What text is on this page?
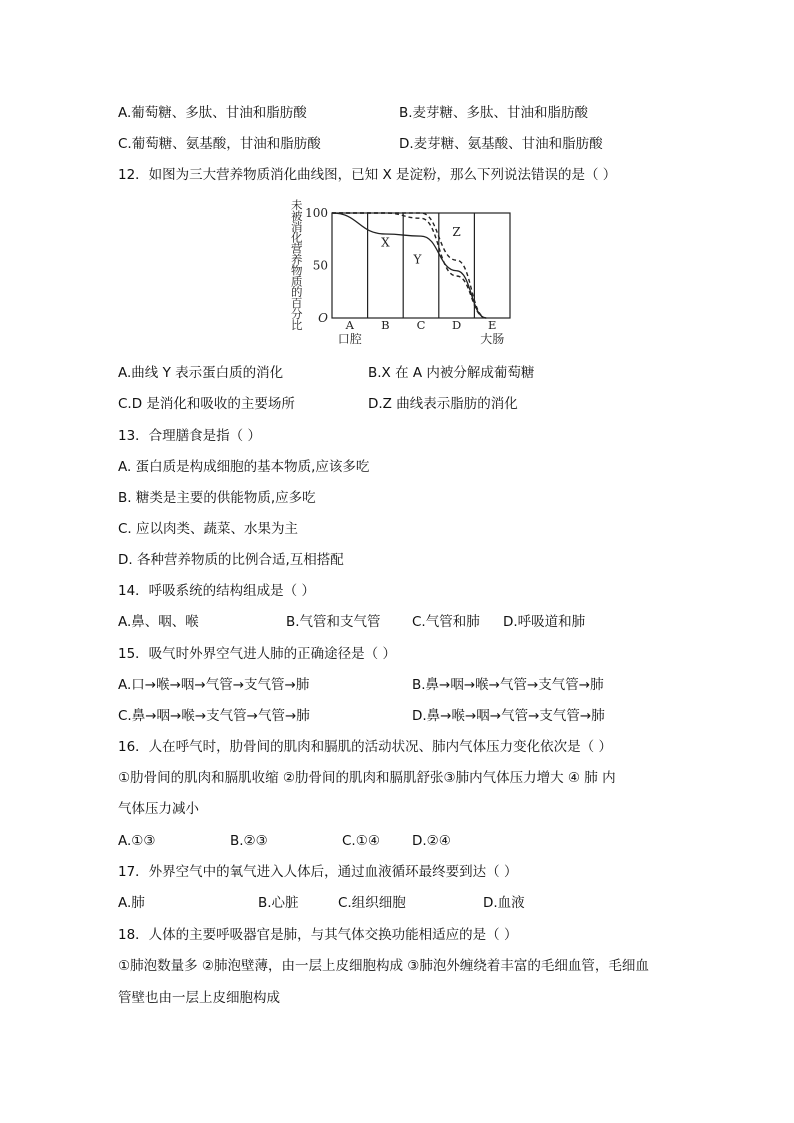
A.葡萄糖、多肽、甘油和脂肪酸	B.麦芽糖、多肽、甘油和脂肪酸
C.葡萄糖、氨基酸，甘油和脂肪酸	D.麦芽糖、氨基酸、甘油和脂肪酸
12．如图为三大营养物质消化曲线图，已知 X 是淀粉，那么下列说法错误的是（ ）
未被消化营养物质的百分比
100
50
O A
口腔
B C D E
大肠
X
Y
Z
A.曲线 Y 表示蛋白质的消化	B.X 在 A 内被分解成葡萄糖
C.D 是消化和吸收的主要场所	D.Z 曲线表示脂肪的消化
13．合理膳食是指（ ）
A. 蛋白质是构成细胞的基本物质,应该多吃
B. 糖类是主要的供能物质,应多吃
C. 应以肉类、蔬菜、水果为主
D. 各种营养物质的比例合适,互相搭配
14．呼吸系统的结构组成是（ ）
A.鼻、咽、喉	B.气管和支气管 C.气管和肺 D.呼吸道和肺
15．吸气时外界空气进人肺的正确途径是（ ）
A.口→喉→咽→气管→支气管→肺	B.鼻→咽→喉→气管→支气管→肺
C.鼻→咽→喉→支气管→气管→肺	D.鼻→喉→咽→气管→支气管→肺
16．人在呼气时，肋骨间的肌肉和膈肌的活动状况、肺内气体压力变化依次是（ ）
①肋骨间的肌肉和膈肌收缩 ②肋骨间的肌肉和膈肌舒张③肺内气体压力增大 ④ 肺 内
气体压力减小
A.①③	B.②③	C.①④ D.②④
17．外界空气中的氧气进入人体后，通过血液循环最终要到达（ ）
A.肺	B.心脏	C.组织细胞	D.血液
18．人体的主要呼吸器官是肺，与其气体交换功能相适应的是（ ）
①肺泡数量多 ②肺泡壁薄，由一层上皮细胞构成 ③肺泡外缠绕着丰富的毛细血管，毛细血
管壁也由一层上皮细胞构成
